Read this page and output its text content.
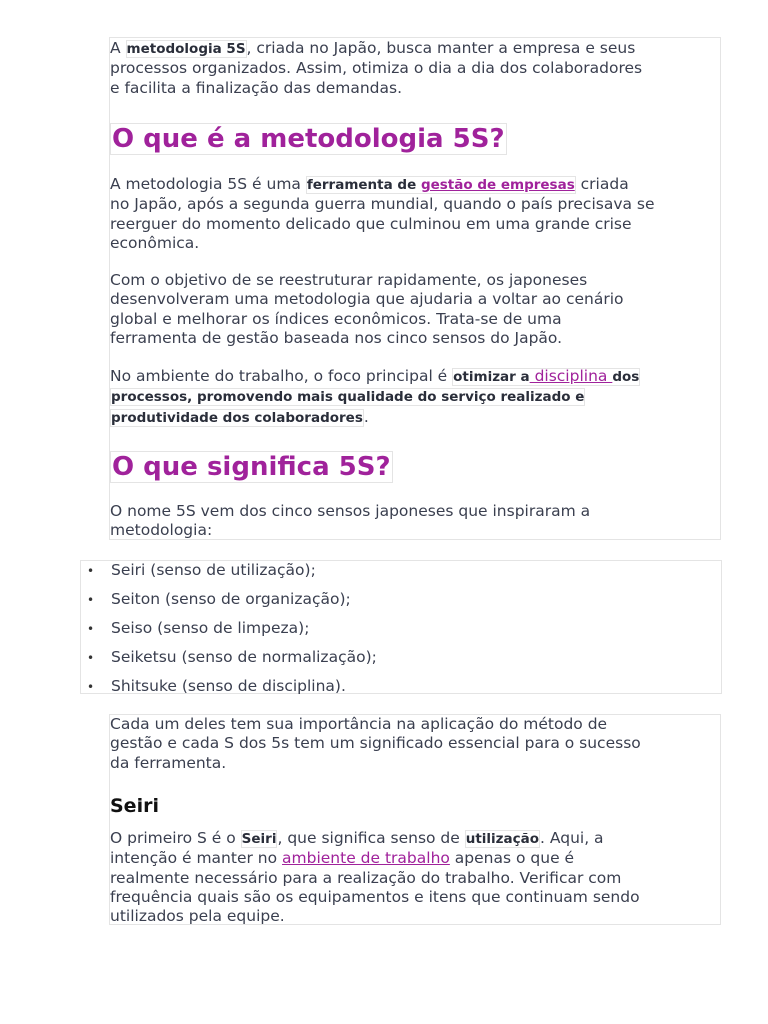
A metodologia 5S, criada no Japão, busca manter a empresa e seus
processos organizados. Assim, otimiza o dia a dia dos colaboradores
e facilita a finalização das demandas.

O que é a metodologia 5S?

A metodologia 5S é uma ferramenta de gestão de empresas criada
no Japão, após a segunda guerra mundial, quando o país precisava se
reerguer do momento delicado que culminou em uma grande crise
econômica.

Com o objetivo de se reestruturar rapidamente, os japoneses
desenvolveram uma metodologia que ajudaria a voltar ao cenário
global e melhorar os índices econômicos. Trata-se de uma
ferramenta de gestão baseada nos cinco sensos do Japão.

No ambiente do trabalho, o foco principal é otimizar a disciplina dos
processos, promovendo mais qualidade do serviço realizado e
produtividade dos colaboradores.

O que significa 5S?

O nome 5S vem dos cinco sensos japoneses que inspiraram a
metodologia:

• Seiri (senso de utilização);
• Seiton (senso de organização);
• Seiso (senso de limpeza);
• Seiketsu (senso de normalização);
• Shitsuke (senso de disciplina).

Cada um deles tem sua importância na aplicação do método de
gestão e cada S dos 5s tem um significado essencial para o sucesso
da ferramenta.

Seiri

O primeiro S é o Seiri, que significa senso de utilização. Aqui, a
intenção é manter no ambiente de trabalho apenas o que é
realmente necessário para a realização do trabalho. Verificar com
frequência quais são os equipamentos e itens que continuam sendo
utilizados pela equipe.
